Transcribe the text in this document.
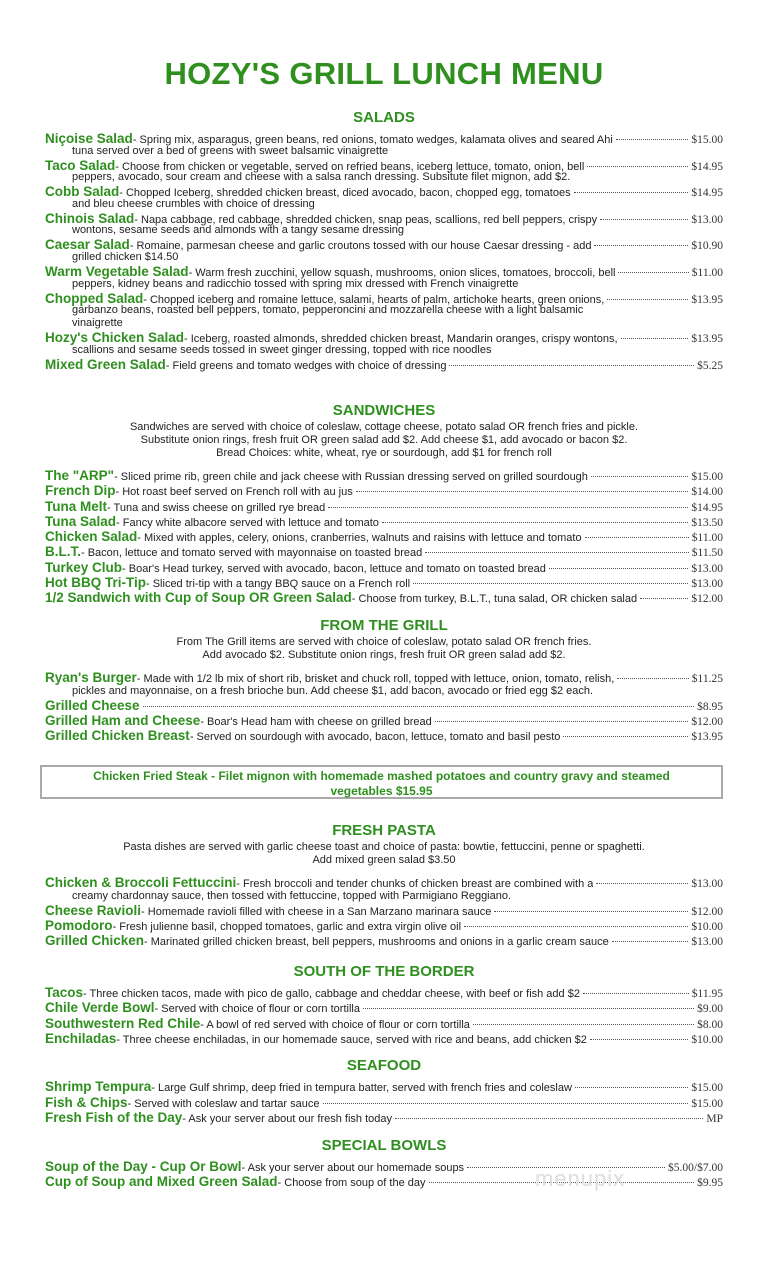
HOZY'S GRILL LUNCH MENU
SALADS
Niçoise Salad - Spring mix, asparagus, green beans, red onions, tomato wedges, kalamata olives and seared Ahi	$15.00
tuna served over a bed of greens with sweet balsamic vinaigrette
Taco Salad - Choose from chicken or vegetable, served on refried beans, iceberg lettuce, tomato, onion, bell	$14.95
peppers, avocado, sour cream and cheese with a salsa ranch dressing. Subsitute filet mignon, add $2.
Cobb Salad - Chopped Iceberg, shredded chicken breast, diced avocado, bacon, chopped egg, tomatoes	$14.95
and bleu cheese crumbles with choice of dressing
Chinois Salad - Napa cabbage, red cabbage, shredded chicken, snap peas, scallions, red bell peppers, crispy	$13.00
wontons, sesame seeds and almonds with a tangy sesame dressing
Caesar Salad - Romaine, parmesan cheese and garlic croutons tossed with our house Caesar dressing - add	$10.90
grilled chicken $14.50
Warm Vegetable Salad - Warm fresh zucchini, yellow squash, mushrooms, onion slices, tomatoes, broccoli, bell	$11.00
peppers, kidney beans and radicchio tossed with spring mix dressed with French vinaigrette
Chopped Salad - Chopped iceberg and romaine lettuce, salami, hearts of palm, artichoke hearts, green onions,	$13.95
garbanzo beans, roasted bell peppers, tomato, pepperoncini and mozzarella cheese with a light balsamic
vinaigrette
Hozy's Chicken Salad - Iceberg, roasted almonds, shredded chicken breast, Mandarin oranges, crispy wontons,	$13.95
scallions and sesame seeds tossed in sweet ginger dressing, topped with rice noodles
Mixed Green Salad - Field greens and tomato wedges with choice of dressing	$5.25
SANDWICHES
Sandwiches are served with choice of coleslaw, cottage cheese, potato salad OR french fries and pickle.
Substitute onion rings, fresh fruit OR green salad add $2. Add cheese $1, add avocado or bacon $2.
Bread Choices: white, wheat, rye or sourdough, add $1 for french roll
The "ARP" - Sliced prime rib, green chile and jack cheese with Russian dressing served on grilled sourdough	$15.00
French Dip - Hot roast beef served on French roll with au jus	$14.00
Tuna Melt - Tuna and swiss cheese on grilled rye bread	$14.95
Tuna Salad - Fancy white albacore served with lettuce and tomato	$13.50
Chicken Salad - Mixed with apples, celery, onions, cranberries, walnuts and raisins with lettuce and tomato	$11.00
B.L.T. - Bacon, lettuce and tomato served with mayonnaise on toasted bread	$11.50
Turkey Club - Boar's Head turkey, served with avocado, bacon, lettuce and tomato on toasted bread	$13.00
Hot BBQ Tri-Tip - Sliced tri-tip with a tangy BBQ sauce on a French roll	$13.00
1/2 Sandwich with Cup of Soup OR Green Salad - Choose from turkey, B.L.T., tuna salad, OR chicken salad	$12.00
FROM THE GRILL
From The Grill items are served with choice of coleslaw, potato salad OR french fries.
Add avocado $2. Substitute onion rings, fresh fruit OR green salad add $2.
Ryan's Burger - Made with 1/2 lb mix of short rib, brisket and chuck roll, topped with lettuce, onion, tomato, relish,	$11.25
pickles and mayonnaise, on a fresh brioche bun. Add cheese $1, add bacon, avocado or fried egg $2 each.
Grilled Cheese	$8.95
Grilled Ham and Cheese - Boar's Head ham with cheese on grilled bread	$12.00
Grilled Chicken Breast - Served on sourdough with avocado, bacon, lettuce, tomato and basil pesto	$13.95
FRESH PASTA
Pasta dishes are served with garlic cheese toast and choice of pasta: bowtie, fettuccini, penne or spaghetti.
Add mixed green salad $3.50
Chicken & Broccoli Fettuccini - Fresh broccoli and tender chunks of chicken breast are combined with a	$13.00
creamy chardonnay sauce, then tossed with fettuccine, topped with Parmigiano Reggiano.
Cheese Ravioli - Homemade ravioli filled with cheese in a San Marzano marinara sauce	$12.00
Pomodoro - Fresh julienne basil, chopped tomatoes, garlic and extra virgin olive oil	$10.00
Grilled Chicken - Marinated grilled chicken breast, bell peppers, mushrooms and onions in a garlic cream sauce	$13.00
SOUTH OF THE BORDER
Tacos - Three chicken tacos, made with pico de gallo, cabbage and cheddar cheese, with beef or fish add $2	$11.95
Chile Verde Bowl - Served with choice of flour or corn tortilla	$9.00
Southwestern Red Chile - A bowl of red served with choice of flour or corn tortilla	$8.00
Enchiladas - Three cheese enchiladas, in our homemade sauce, served with rice and beans, add chicken $2	$10.00
SEAFOOD
Shrimp Tempura - Large Gulf shrimp, deep fried in tempura batter, served with french fries and coleslaw	$15.00
Fish & Chips - Served with coleslaw and tartar sauce	$15.00
Fresh Fish of the Day - Ask your server about our fresh fish today	MP
SPECIAL BOWLS
Soup of the Day - Cup Or Bowl - Ask your server about our homemade soups	$5.00/$7.00
Cup of Soup and Mixed Green Salad - Choose from soup of the day	$9.95
Chicken Fried Steak - Filet mignon with homemade mashed potatoes and country gravy and steamed
vegetables $15.95
menupix
